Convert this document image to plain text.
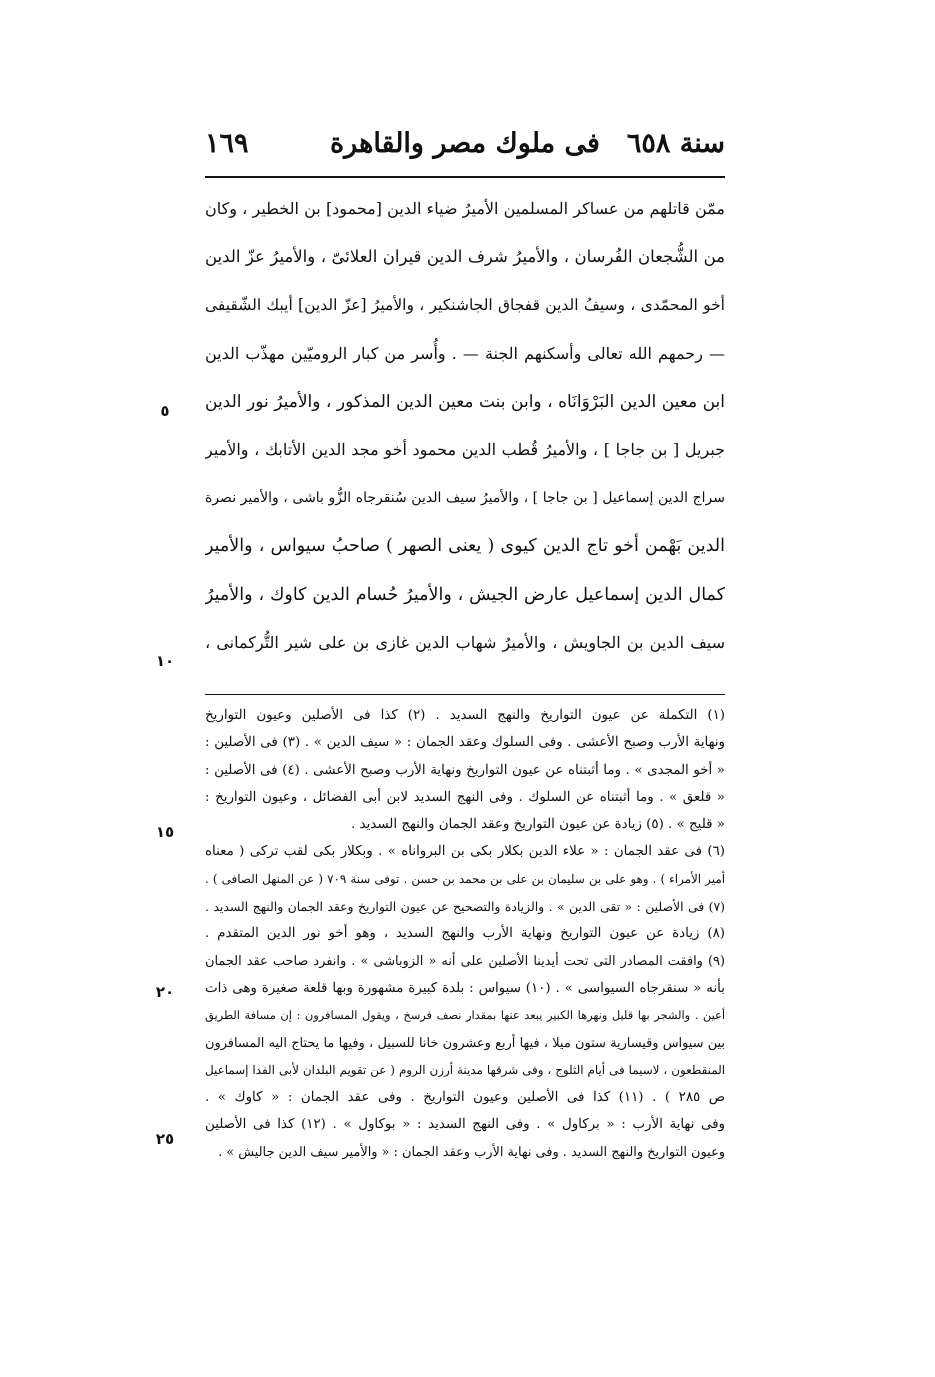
سنة ٦٥٨
فى ملوك مصر والقاهرة
١٦٩
ممّن قاتلهم من عساكر المسلمين الأميرُ ضياء الدين [محمود] بن الخطير ، وكان
من الشُّجعان الفُرسان ، والأميرُ شرف الدين قيران العلائىّ ، والأميرُ عزّ الدين
أخو المحمّدى ، وسيفُ الدين قفجاق الجاشنكير ، والأميرُ [عزّ الدين] أيبك الشّقيفى
— رحمهم الله تعالى وأسكنهم الجنة — . وأُسر من كبار الروميّين مهذّب الدين
ابن معين الدين البَرْوَانَاه ، وابن بنت معين الدين المذكور ، والأميرُ نور الدين
جبريل [ بن جاجا ] ، والأميرُ قُطب الدين محمود أخو مجد الدين الأتابك ، والأمير
سراج الدين إسماعيل [ بن جاجا ] ، والأميرُ سيف الدين سُنقرجاه الزُّو باشى ، والأمير نصرة
الدين بَهْمن أخو تاج الدين كيوى ( يعنى الصهر ) صاحبُ سيواس ، والأمير
كمال الدين إسماعيل عارض الجيش ، والأميرُ حُسام الدين كاوك ، والأميرُ
سيف الدين بن الجاويش ، والأميرُ شهاب الدين غازى بن على شير التُّركمانى ،
(١) التكملة عن عيون التواريخ والنهج السديد . (٢) كذا فى الأصلين وعيون التواريخ
ونهاية الأرب وصبح الأعشى . وفى السلوك وعقد الجمان : « سيف الدين » . (٣) فى الأصلين :
« أخو المجدى » . وما أثبتناه عن عيون التواريخ ونهاية الأرب وصبح الأعشى . (٤) فى الأصلين :
« قلعق » . وما أثبتناه عن السلوك . وفى النهج السديد لابن أبى الفضائل ، وعيون التواريخ :
« قليج » . (٥) زيادة عن عيون التواريخ وعقد الجمان والنهج السديد .
(٦) فى عقد الجمان : « علاء الدين بكلار بكى بن البرواناه » . وبكلار بكى لقب تركى ( معناه
أمير الأمراء ) . وهو على بن سليمان بن على بن محمد بن حسن . توفى سنة ٧٠٩ ( عن المنهل الصافى ) .
(٧) فى الأصلين : « تقى الدين » . والزيادة والتصحيح عن عيون التواريخ وعقد الجمان والنهج السديد .
(٨) زيادة عن عيون التواريخ ونهاية الأرب والنهج السديد ، وهو أخو نور الدين المتقدم .
(٩) وافقت المصادر التى تحت أيدينا الأصلين على أنه « الزوباشى » . وانفرد صاحب عقد الجمان
بأنه « سنقرجاه السيواسى » . (١٠) سيواس : بلدة كبيرة مشهورة وبها قلعة صغيرة وهى ذات
أعين . والشجر بها قليل ونهرها الكبير يبعد عنها بمقدار نصف فرسخ ، ويقول المسافرون : إن مسافة الطريق
بين سيواس وقيسارية ستون ميلا ، فيها أربع وعشرون خانا للسبيل ، وفيها ما يحتاج اليه المسافرون
المنقطعون ، لاسيما فى أيام الثلوج ، وفى شرقها مدينة أرزن الروم ( عن تقويم البلدان لأبى الفدا إسماعيل
ص ٢٨٥ ) . (١١) كذا فى الأصلين وعيون التواريخ . وفى عقد الجمان : « كاوك » .
وفى نهاية الأرب : « بركاول » . وفى النهج السديد : « بوكاول » . (١٢) كذا فى الأصلين
وعيون التواريخ والنهج السديد . وفى نهاية الأرب وعقد الجمان : « والأمير سيف الدين جاليش » .
٥
١٠
١٥
٢٠
٢٥
